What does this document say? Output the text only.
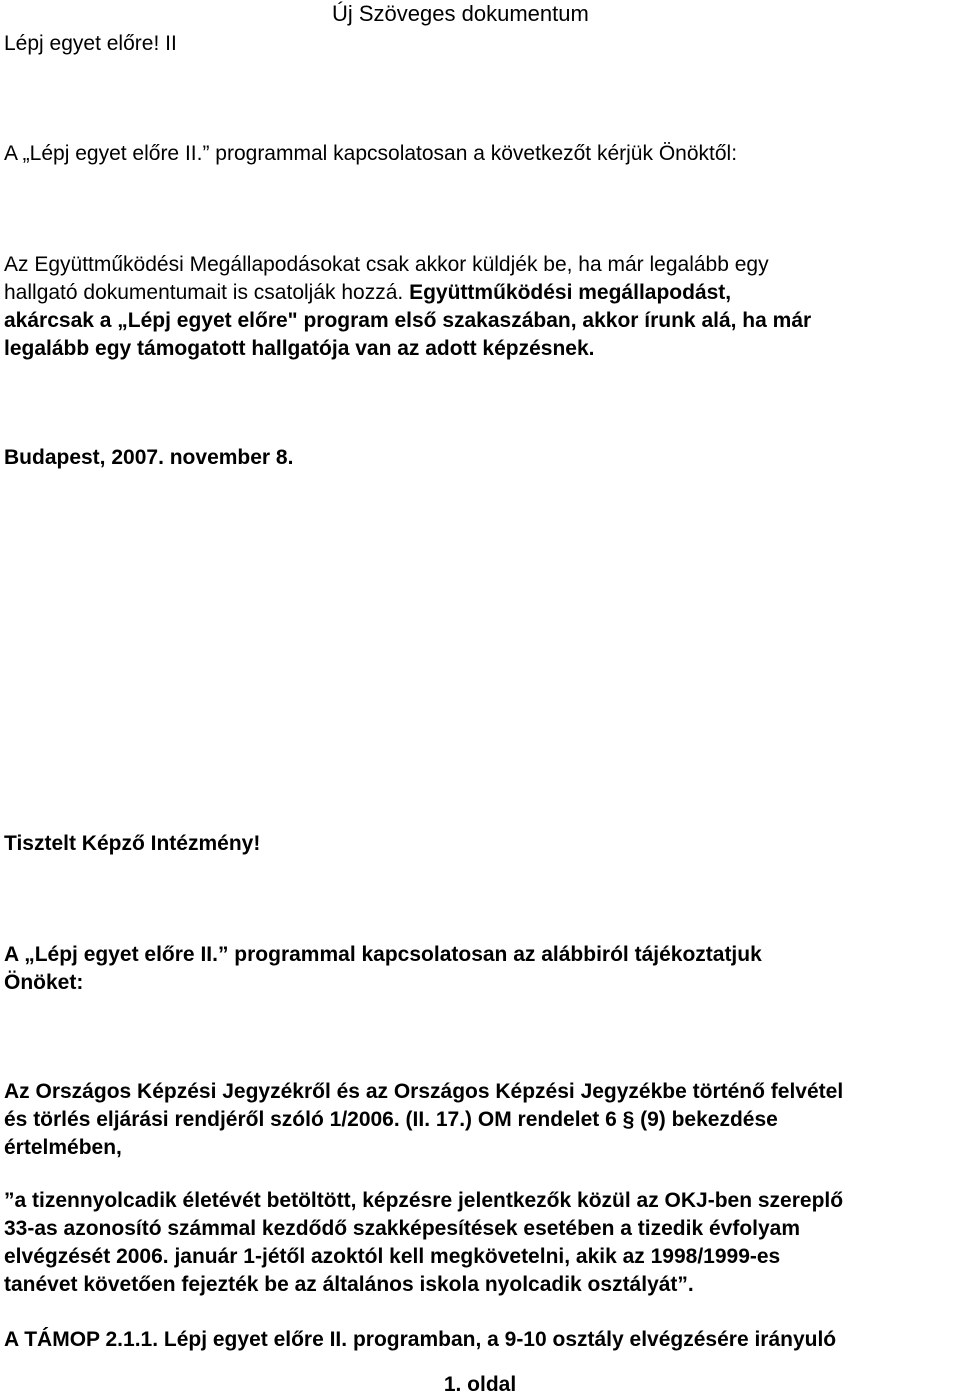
Új Szöveges dokumentum

Lépj egyet előre! II

A „Lépj egyet előre II.” programmal kapcsolatosan a következőt kérjük Önöktől:

Az Együttműködési Megállapodásokat csak akkor küldjék be, ha már legalább egy

hallgató dokumentumait is csatolják hozzá. Együttműködési megállapodást,

akárcsak a „Lépj egyet előre" program első szakaszában, akkor írunk alá, ha már

legalább egy támogatott hallgatója van az adott képzésnek.

Budapest, 2007. november 8.

Tisztelt Képző Intézmény!

A „Lépj egyet előre II.” programmal kapcsolatosan az alábbiról tájékoztatjuk

Önöket:

Az Országos Képzési Jegyzékről és az Országos Képzési Jegyzékbe történő felvétel

és törlés eljárási rendjéről szóló 1/2006. (II. 17.) OM rendelet 6 § (9) bekezdése

értelmében,

”a tizennyolcadik életévét betöltött, képzésre jelentkezők közül az OKJ-ben szereplő

33-as azonosító számmal kezdődő szakképesítések esetében a tizedik évfolyam

elvégzését 2006. január 1-jétől azoktól kell megkövetelni, akik az 1998/1999-es

tanévet követően fejezték be az általános iskola nyolcadik osztályát”.

A TÁMOP 2.1.1. Lépj egyet előre II. programban, a 9-10 osztály elvégzésére irányuló

1. oldal
